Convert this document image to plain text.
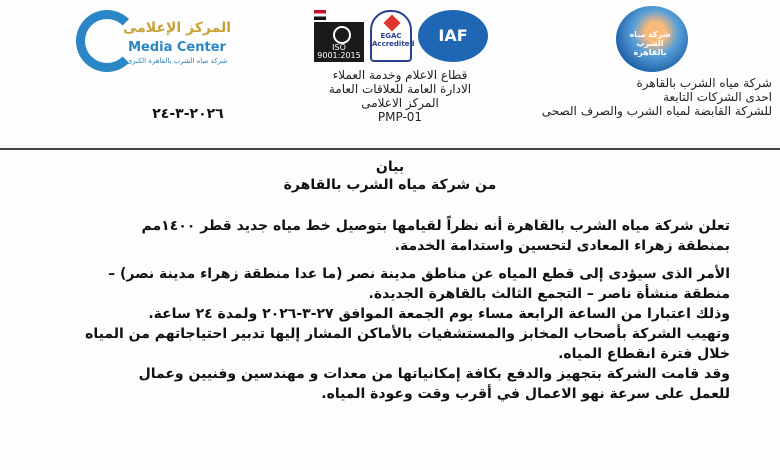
شركة مياه الشرب بالقاهرة
شركة مياه الشرب بالقاهرة
احدى الشركات التابعة
للشركة القابضة لمياه الشرب والصرف الصحى
ISO 9001:2015
EGAC Accredited	IAF
قطاع الاعلام وخدمة العملاء
الادارة العامة للعلاقات العامة
المركز الاعلامى
PMP-01
المركز الإعلامى
Media Center
شركة مياه الشرب بالقاهرة الكبرى
٢٠٢٦-٣-٢٤
بيان
من شركة مياه الشرب بالقاهرة

تعلن شركة مياه الشرب بالقاهرة أنه نظراً لقيامها بتوصيل خط مياه جديد قطر ١٤٠٠مم

بمنطقة زهراء المعادى لتحسين واستدامة الخدمة.

الأمر الذى سيؤدى إلى قطع المياه عن مناطق مدينة نصر (ما عدا منطقة زهراء مدينة نصر) –

منطقة منشأة ناصر – التجمع الثالث بالقاهرة الجديدة.

وذلك اعتبارا من الساعة الرابعة مساء يوم الجمعة الموافق ٢٧-٣-٢٠٢٦ ولمدة ٢٤ ساعة.

وتهيب الشركة بأصحاب المخابز والمستشفيات بالأماكن المشار إليها تدبير احتياجاتهم من المياه

خلال فترة انقطاع المياه.

وقد قامت الشركة بتجهيز والدفع بكافة إمكانياتها من معدات و مهندسين وفنيين وعمال

للعمل على سرعة نهو الاعمال في أقرب وقت وعودة المياه.
